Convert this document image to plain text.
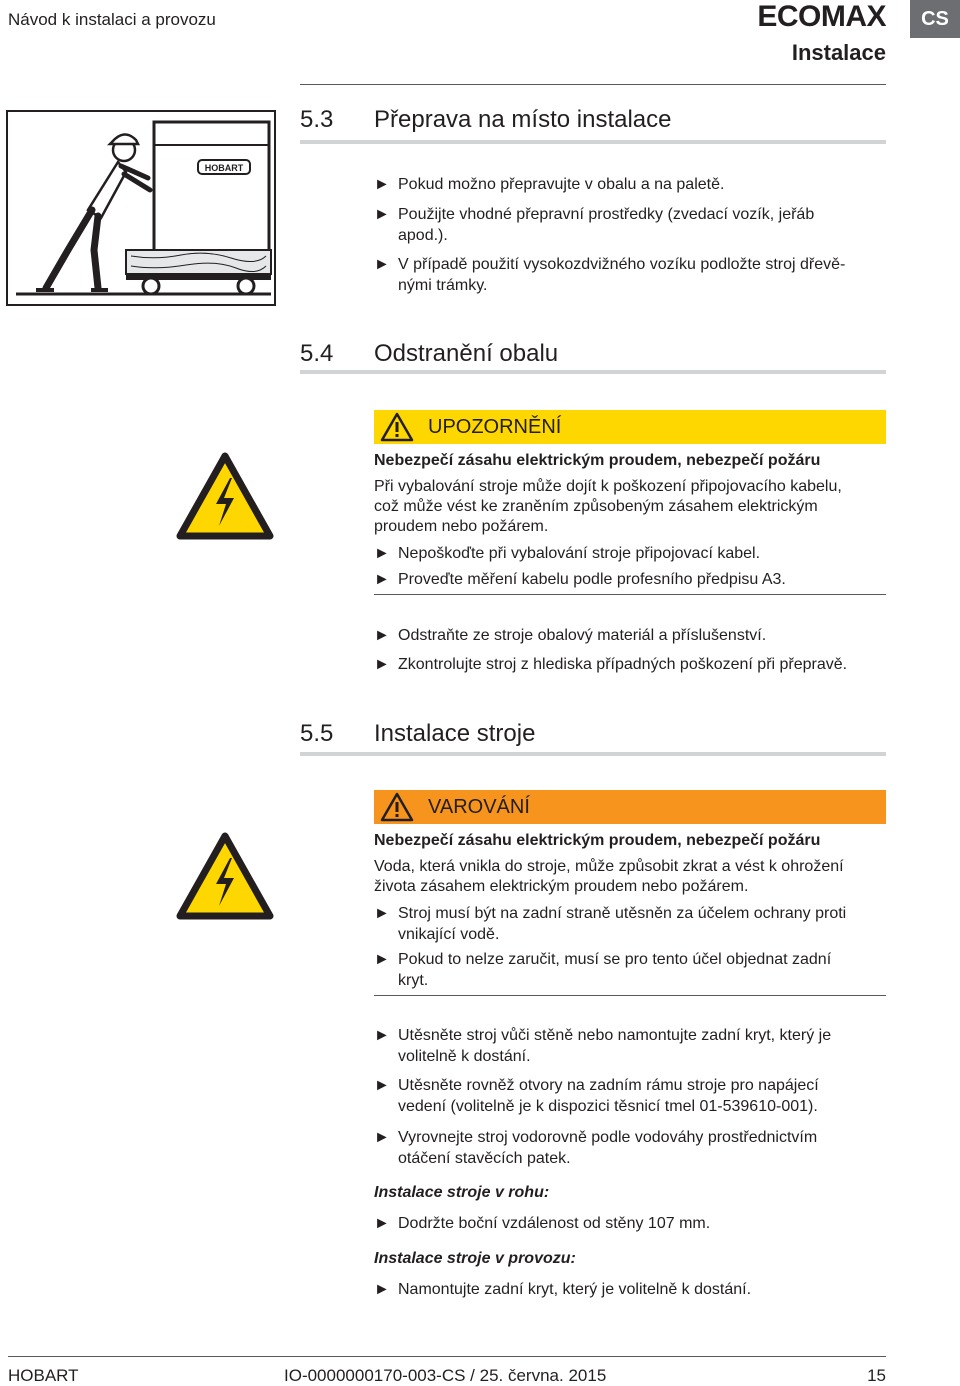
Návod k instalaci a provozu	ECOMAX
Instalace
CS
HOBART
5.3 Přeprava na místo instalace
► Pokud možno přepravujte v obalu a na paletě.
► Použijte vhodné přepravní prostředky (zvedací vozík, jeřáb
apod.).
► V případě použití vysokozdvižného vozíku podložte stroj dřevě-
nými trámky.
5.4 Odstranění obalu
UPOZORNĚNÍ
Nebezpečí zásahu elektrickým proudem, nebezpečí požáru
Při vybalování stroje může dojít k poškození připojovacího kabelu,
což může vést ke zraněním způsobeným zásahem elektrickým
proudem nebo požárem.
► Nepoškoďte při vybalování stroje připojovací kabel.
► Proveďte měření kabelu podle profesního předpisu A3.
► Odstraňte ze stroje obalový materiál a příslušenství.
► Zkontrolujte stroj z hlediska případných poškození při přepravě.
5.5 Instalace stroje
VAROVÁNÍ
Nebezpečí zásahu elektrickým proudem, nebezpečí požáru
Voda, která vnikla do stroje, může způsobit zkrat a vést k ohrožení
života zásahem elektrickým proudem nebo požárem.
► Stroj musí být na zadní straně utěsněn za účelem ochrany proti
vnikající vodě.
► Pokud to nelze zaručit, musí se pro tento účel objednat zadní
kryt.
► Utěsněte stroj vůči stěně nebo namontujte zadní kryt, který je
volitelně k dostání.
► Utěsněte rovněž otvory na zadním rámu stroje pro napájecí
vedení (volitelně je k dispozici těsnicí tmel 01-539610-001).
► Vyrovnejte stroj vodorovně podle vodováhy prostřednictvím
otáčení stavěcích patek.
Instalace stroje v rohu:
► Dodržte boční vzdálenost od stěny 107 mm.
Instalace stroje v provozu:
► Namontujte zadní kryt, který je volitelně k dostání.
HOBART	IO-0000000170-003-CS / 25. června. 2015	15
